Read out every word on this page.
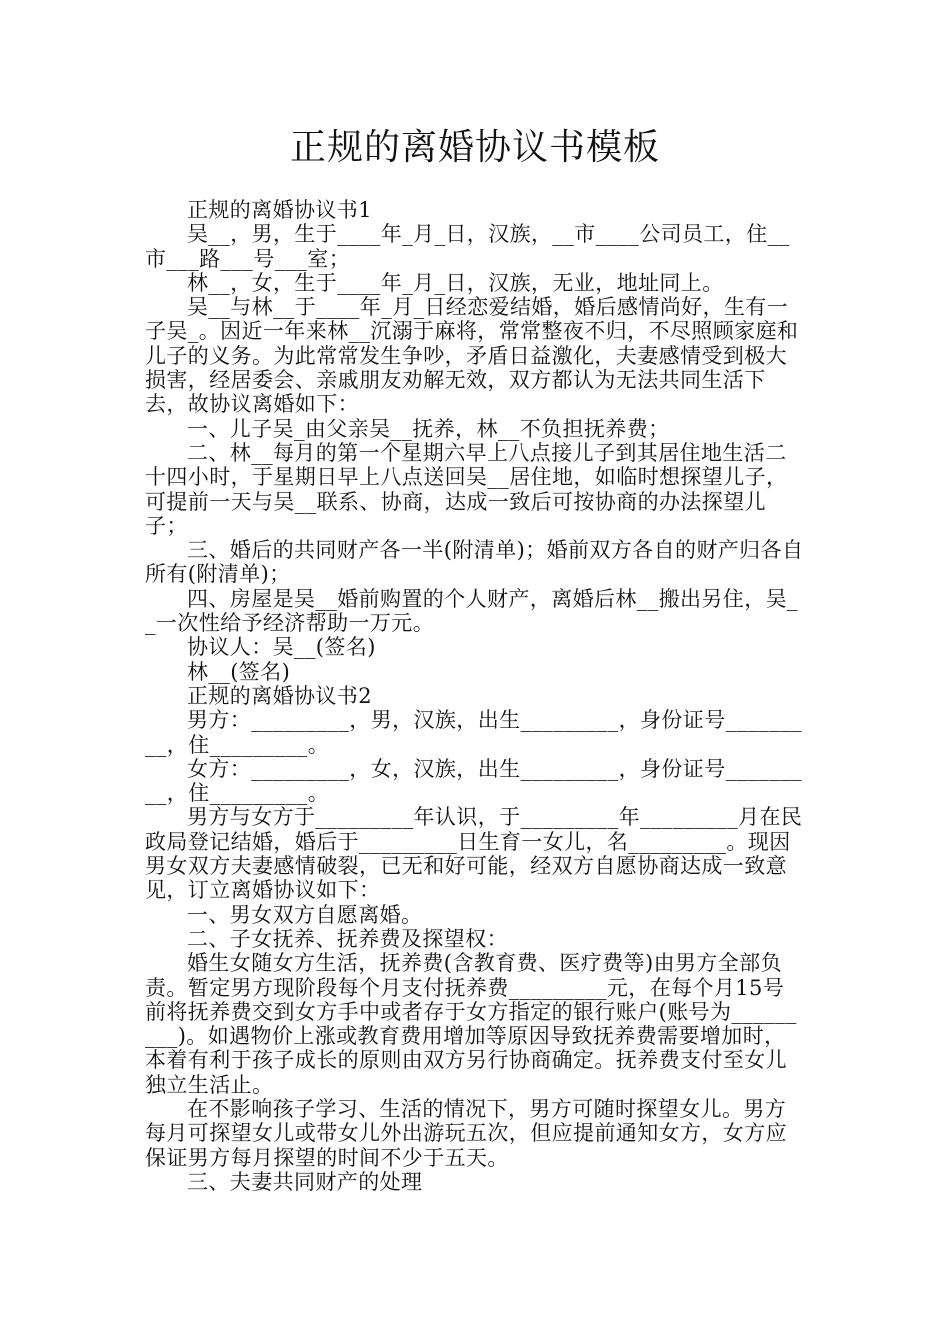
正规的离婚协议书模板

正规的离婚协议书1

吴__，男，生于____年_月_日，汉族，__市____公司员工，住__市___路___号___室；

林__，女，生于____年_月_日，汉族，无业，地址同上。

吴__与林__于____年_月_日经恋爱结婚，婚后感情尚好，生有一子吴_。因近一年来林__沉溺于麻将，常常整夜不归，不尽照顾家庭和儿子的义务。为此常常发生争吵，矛盾日益激化，夫妻感情受到极大损害，经居委会、亲戚朋友劝解无效，双方都认为无法共同生活下去，故协议离婚如下：

一、儿子吴_由父亲吴__抚养，林__不负担抚养费；

二、林__每月的第一个星期六早上八点接儿子到其居住地生活二十四小时，于星期日早上八点送回吴__居住地，如临时想探望儿子，可提前一天与吴__联系、协商，达成一致后可按协商的办法探望儿子；

三、婚后的共同财产各一半(附清单)；婚前双方各自的财产归各自所有(附清单)；

四、房屋是吴__婚前购置的个人财产，离婚后林__搬出另住，吴__一次性给予经济帮助一万元。

协议人：吴__(签名)

林__(签名)

正规的离婚协议书2

男方：_________，男，汉族，出生_________，身份证号_________，住_________。

女方：_________，女，汉族，出生_________，身份证号_________，住_________。

男方与女方于_________年认识，于_________年_________月在民政局登记结婚，婚后于_________日生育一女儿，名_________。现因男女双方夫妻感情破裂，已无和好可能，经双方自愿协商达成一致意见，订立离婚协议如下：

一、男女双方自愿离婚。

二、子女抚养、抚养费及探望权：

婚生女随女方生活，抚养费(含教育费、医疗费等)由男方全部负责。暂定男方现阶段每个月支付抚养费_________元，在每个月15号前将抚养费交到女方手中或者存于女方指定的银行账户(账号为_________)。如遇物价上涨或教育费用增加等原因导致抚养费需要增加时，本着有利于孩子成长的原则由双方另行协商确定。抚养费支付至女儿独立生活止。

在不影响孩子学习、生活的情况下，男方可随时探望女儿。男方每月可探望女儿或带女儿外出游玩五次，但应提前通知女方，女方应保证男方每月探望的时间不少于五天。

三、夫妻共同财产的处理
